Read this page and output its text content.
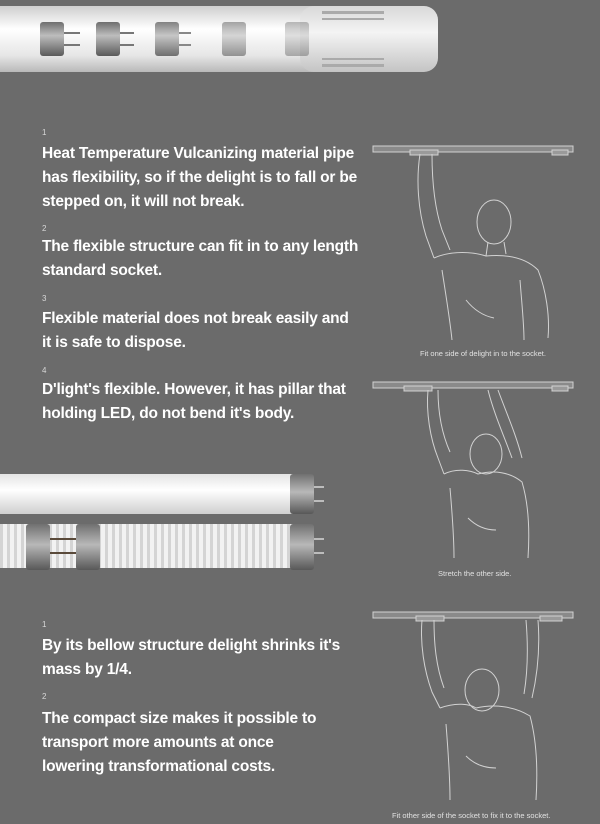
1
Heat Temperature Vulcanizing material pipe
has flexibility, so if the delight is to fall or be
stepped on, it will not break.
2
The flexible structure can fit in to any length
standard socket.
3
Flexible material does not break easily and
it is safe to dispose.
4
D'light's flexible. However, it has pillar that
holding LED, do not bend it's body.
1
By its bellow structure delight shrinks it's
mass by 1/4.
2
The compact size makes it possible to
transport more amounts at once
lowering transformational costs.
Fit one side of delight in to the socket.
Stretch the other side.
Fit other side of the socket to fix it to the socket.
